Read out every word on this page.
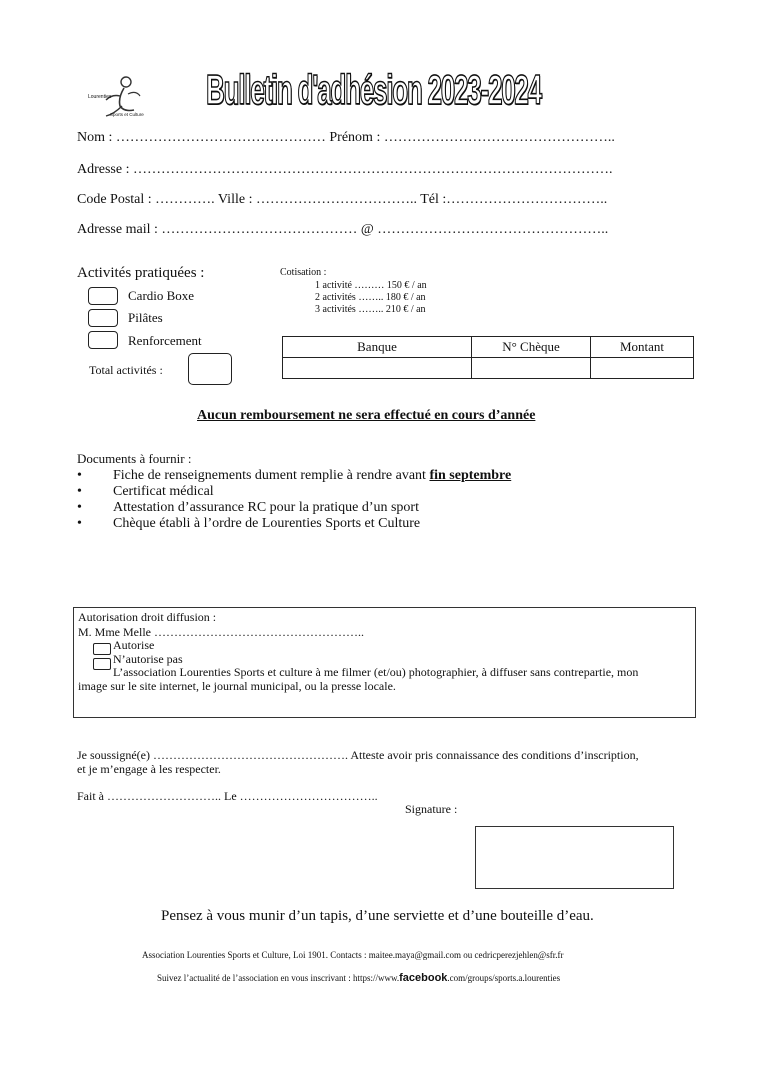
Lourenties
Sports et Culture
Bulletin d'adhésion 2023-2024
Nom : ……………………………………… Prénom : …………………………………………..
Adresse : ………………………………………………………………………………………….
Code Postal : …………. Ville : …………………………….. Tél :……………………………..
Adresse mail : …………………………………… @ …………………………………………..
Activités pratiquées :
Cardio Boxe
Pilâtes
Renforcement
Total activités :
Cotisation :
1 activité ……… 150 € / an
2 activités …….. 180 € / an
3 activités …….. 210 € / an
Banque	N° Chèque	Montant

Aucun remboursement ne sera effectué en cours d’année
Documents à fournir :
• Fiche de renseignements dument remplie à rendre avant fin septembre
• Certificat médical
• Attestation d’assurance RC pour la pratique d’un sport
• Chèque établi à l’ordre de Lourenties Sports et Culture
Autorisation droit diffusion :
M. Mme Melle ……………………………………………..
Autorise
N’autorise pas
L’association Lourenties Sports et culture à me filmer (et/ou) photographier, à diffuser sans contrepartie, mon
image sur le site internet, le journal municipal, ou la presse locale.
Je soussigné(e) …………………………………………. Atteste avoir pris connaissance des conditions d’inscription,
et je m’engage à les respecter.
Fait à ……………………….. Le ……………………………..
Signature :
Pensez à vous munir d’un tapis, d’une serviette et d’une bouteille d’eau.
Association Lourenties Sports et Culture, Loi 1901. Contacts : maitee.maya@gmail.com ou cedricperezjehlen@sfr.fr
Suivez l’actualité de l’association en vous inscrivant : https://www.facebook.com/groups/sports.a.lourenties
